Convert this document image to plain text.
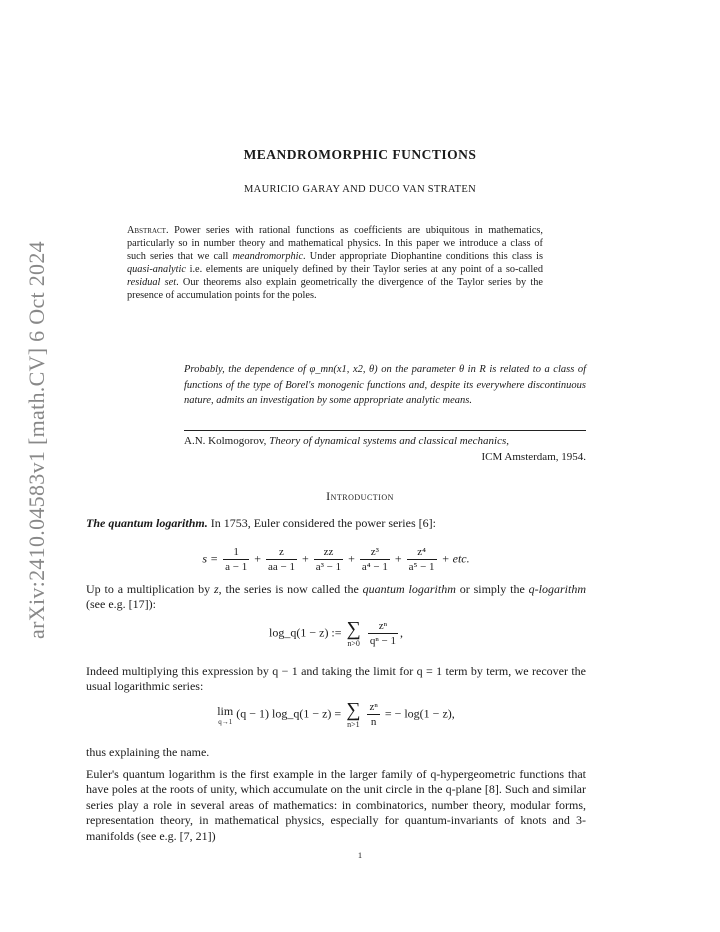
arXiv:2410.04583v1 [math.CV] 6 Oct 2024
MEANDROMORPHIC FUNCTIONS
MAURICIO GARAY AND DUCO VAN STRATEN
Abstract. Power series with rational functions as coefficients are ubiquitous in mathematics, particularly so in number theory and mathematical physics. In this paper we introduce a class of such series that we call meandromorphic. Under appropriate Diophantine conditions this class is quasi-analytic i.e. elements are uniquely defined by their Taylor series at any point of a so-called residual set. Our theorems also explain geometrically the divergence of the Taylor series by the presence of accumulation points for the poles.
Probably, the dependence of φ_mn(x1, x2, θ) on the parameter θ in R is related to a class of functions of the type of Borel's monogenic functions and, despite its everywhere discontinuous nature, admits an investigation by some appropriate analytic means.
A.N. Kolmogorov, Theory of dynamical systems and classical mechanics,
ICM Amsterdam, 1954.
Introduction
The quantum logarithm. In 1753, Euler considered the power series [6]:
$s = \frac{1}{a - 1} + \frac{z}{aa - 1} + \frac{zz}{\text{a³ − 1}} + \frac{\text{z³}}{\text{a⁴ − 1}} + \frac{\text{z⁴}}{\text{a⁵ − 1}}$ + etc.
Up to a multiplication by z, the series is now called the quantum logarithm or simply the q-logarithm (see e.g. [17]):
log_q(1 − z) := ∑
n>0
$\frac{\text{zⁿ}}{\text{qⁿ − 1}}$ ,
Indeed multiplying this expression by q − 1 and taking the limit for q = 1 term by term, we recover the usual logarithmic series:
lim
q→1
(q − 1) log_q(1 − z) = ∑
n>1
$\frac{\text{zⁿ}}{n}$ = − log(1 − z),
thus explaining the name.
Euler's quantum logarithm is the first example in the larger family of q-hypergeometric functions that have poles at the roots of unity, which accumulate on the unit circle in the q-plane [8]. Such and similar series play a role in several areas of mathematics: in combinatorics, number theory, modular forms, representation theory, in mathematical physics, especially for quantum-invariants of knots and 3-manifolds (see e.g. [7, 21])
1
